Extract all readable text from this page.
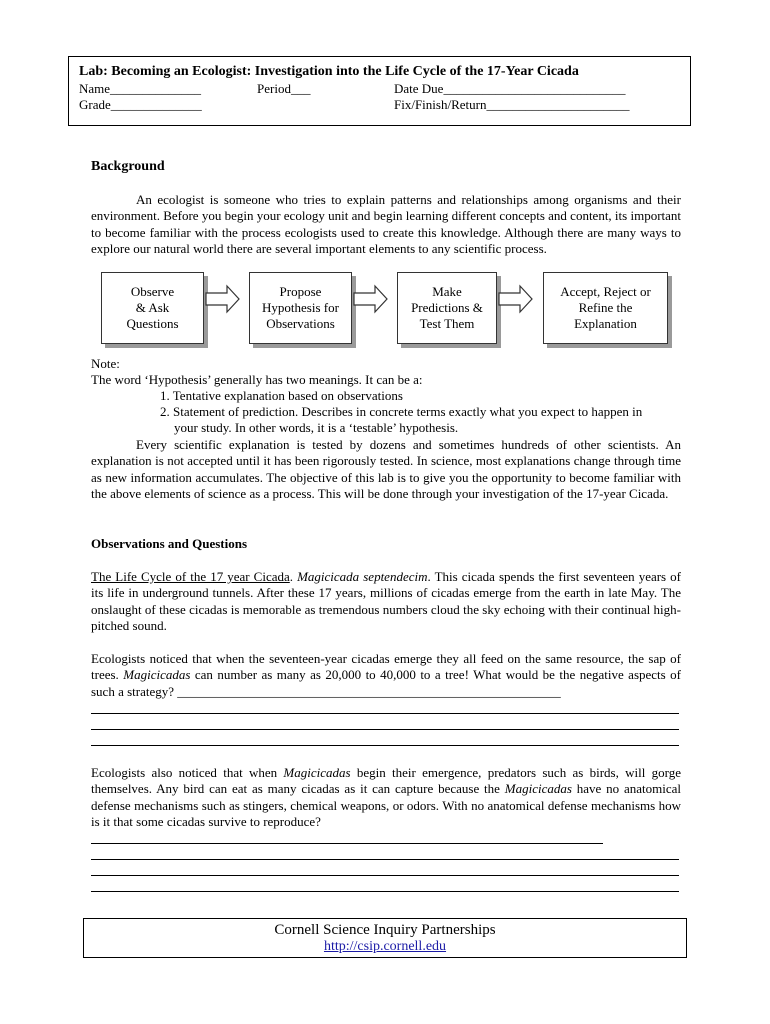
Lab: Becoming an Ecologist: Investigation into the Life Cycle of the 17-Year Cicada
Name______________	Period___	Date Due____________________________
Grade______________	Fix/Finish/Return______________________
Background
An ecologist is someone who tries to explain patterns and relationships among organisms and their environment. Before you begin your ecology unit and begin learning different concepts and content, its important to become familiar with the process ecologists used to create this knowledge. Although there are many ways to explore our natural world there are several important elements to any scientific process.
Observe
& Ask
Questions
Propose
Hypothesis for
Observations
Make
Predictions &
Test Them
Accept, Reject or
Refine the
Explanation
Note:
The word ‘Hypothesis’ generally has two meanings. It can be a:
1. Tentative explanation based on observations
2. Statement of prediction. Describes in concrete terms exactly what you expect to happen in
your study. In other words, it is a ‘testable’ hypothesis.
Every scientific explanation is tested by dozens and sometimes hundreds of other scientists. An explanation is not accepted until it has been rigorously tested. In science, most explanations change through time as new information accumulates. The objective of this lab is to give you the opportunity to become familiar with the above elements of science as a process. This will be done through your investigation of the 17-year Cicada.
Observations and Questions
The Life Cycle of the 17 year Cicada. Magicicada septendecim. This cicada spends the first seventeen years of its life in underground tunnels. After these 17 years, millions of cicadas emerge from the earth in late May. The onslaught of these cicadas is memorable as tremendous numbers cloud the sky echoing with their continual high-pitched sound.
Ecologists noticed that when the seventeen-year cicadas emerge they all feed on the same resource, the sap of trees. Magicicadas can number as many as 20,000 to 40,000 to a tree! What would be the negative aspects of such a strategy? ___________________________________________________________
Ecologists also noticed that when Magicicadas begin their emergence, predators such as birds, will gorge themselves. Any bird can eat as many cicadas as it can capture because the Magicicadas have no anatomical defense mechanisms such as stingers, chemical weapons, or odors. With no anatomical defense mechanisms how is it that some cicadas survive to reproduce?
Cornell Science Inquiry Partnerships
http://csip.cornell.edu
